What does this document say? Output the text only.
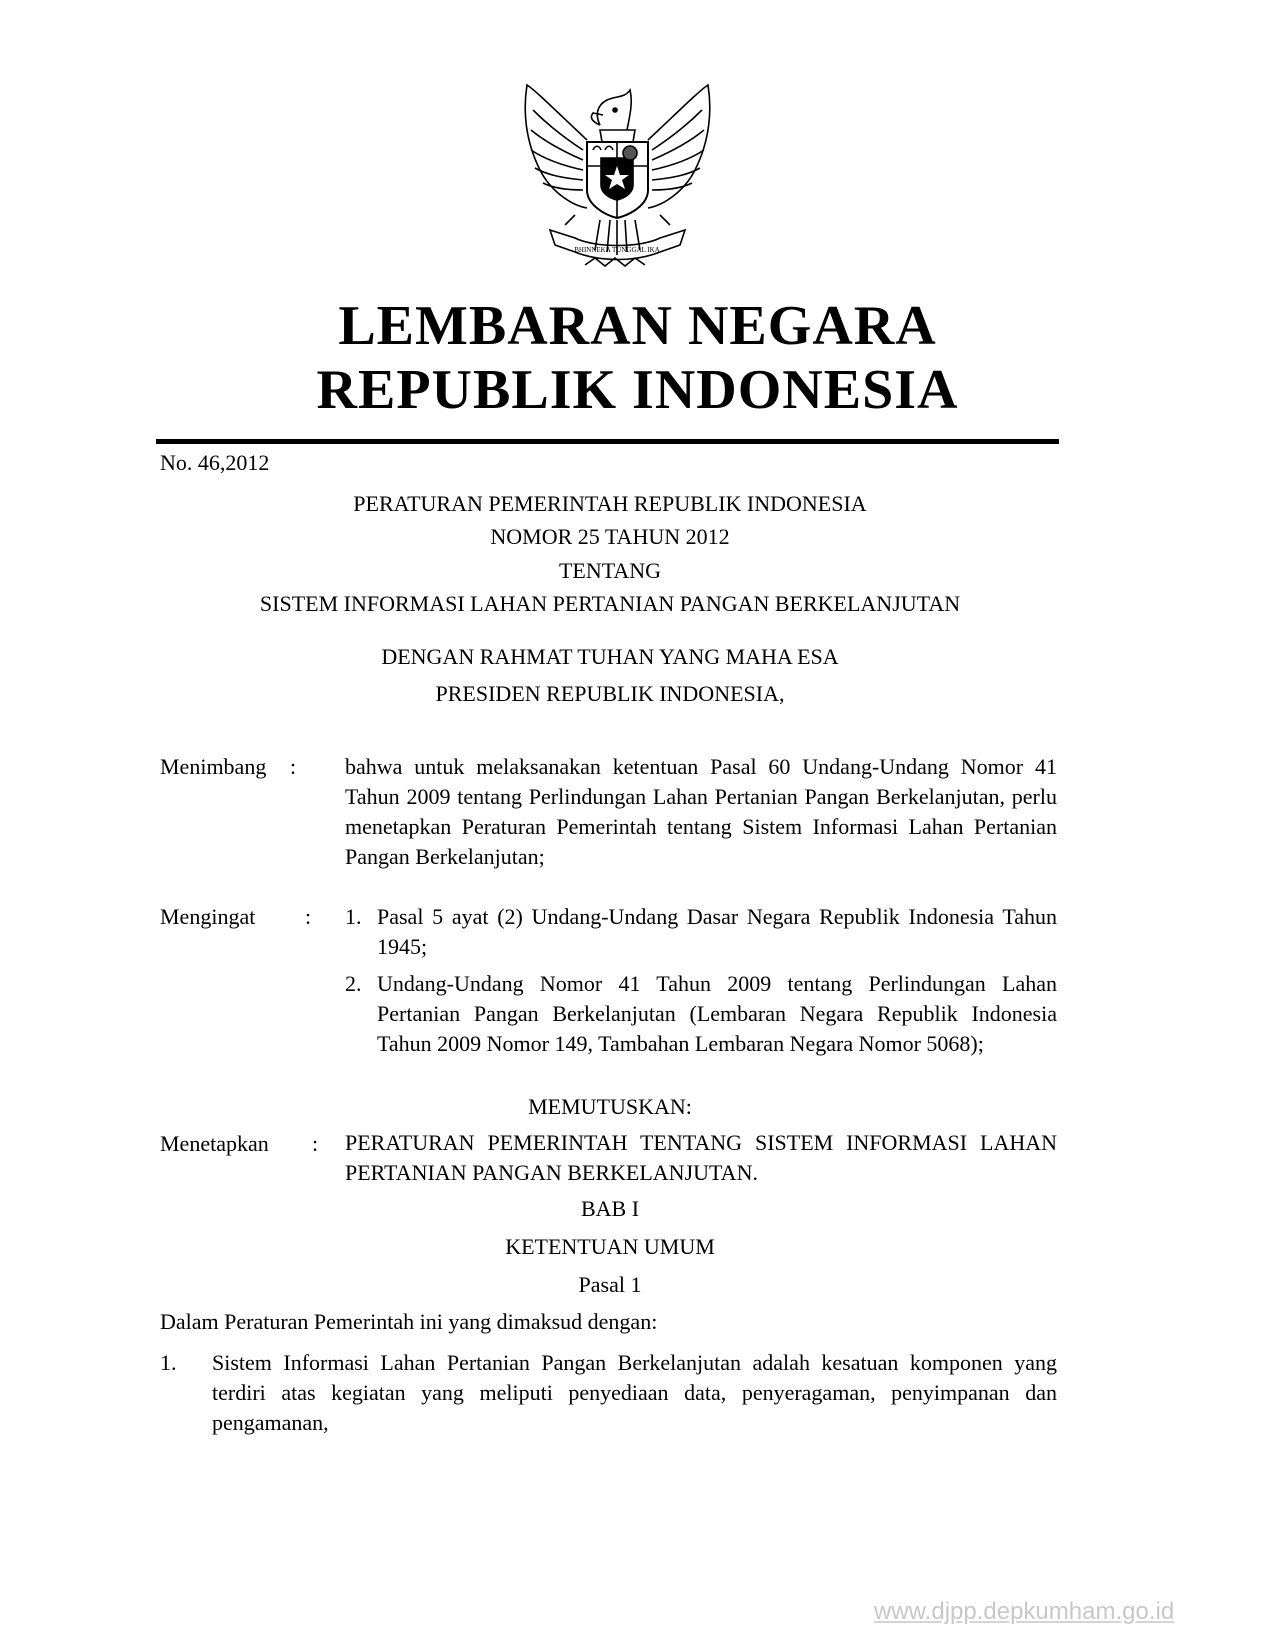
BHINNEKA TUNGGAL IKA
LEMBARAN NEGARA
REPUBLIK INDONESIA
No. 46,2012
PERATURAN PEMERINTAH REPUBLIK INDONESIA
NOMOR 25 TAHUN 2012
TENTANG
SISTEM INFORMASI LAHAN PERTANIAN PANGAN BERKELANJUTAN
DENGAN RAHMAT TUHAN YANG MAHA ESA
PRESIDEN REPUBLIK INDONESIA,
Menimbang : bahwa untuk melaksanakan ketentuan Pasal 60 Undang-Undang Nomor 41 Tahun 2009 tentang Perlindungan Lahan Pertanian Pangan Berkelanjutan, perlu menetapkan Peraturan Pemerintah tentang Sistem Informasi Lahan Pertanian Pangan Berkelanjutan;
Mengingat : 1. Pasal 5 ayat (2) Undang-Undang Dasar Negara Republik Indonesia Tahun 1945;
2. Undang-Undang Nomor 41 Tahun 2009 tentang Perlindungan Lahan Pertanian Pangan Berkelanjutan (Lembaran Negara Republik Indonesia Tahun 2009 Nomor 149, Tambahan Lembaran Negara Nomor 5068);
MEMUTUSKAN:
Menetapkan : PERATURAN PEMERINTAH TENTANG SISTEM INFORMASI LAHAN PERTANIAN PANGAN BERKELANJUTAN.
BAB I
KETENTUAN UMUM
Pasal 1
Dalam Peraturan Pemerintah ini yang dimaksud dengan:
1. Sistem Informasi Lahan Pertanian Pangan Berkelanjutan adalah kesatuan komponen yang terdiri atas kegiatan yang meliputi penyediaan data, penyeragaman, penyimpanan dan pengamanan,
www.djpp.depkumham.go.id
